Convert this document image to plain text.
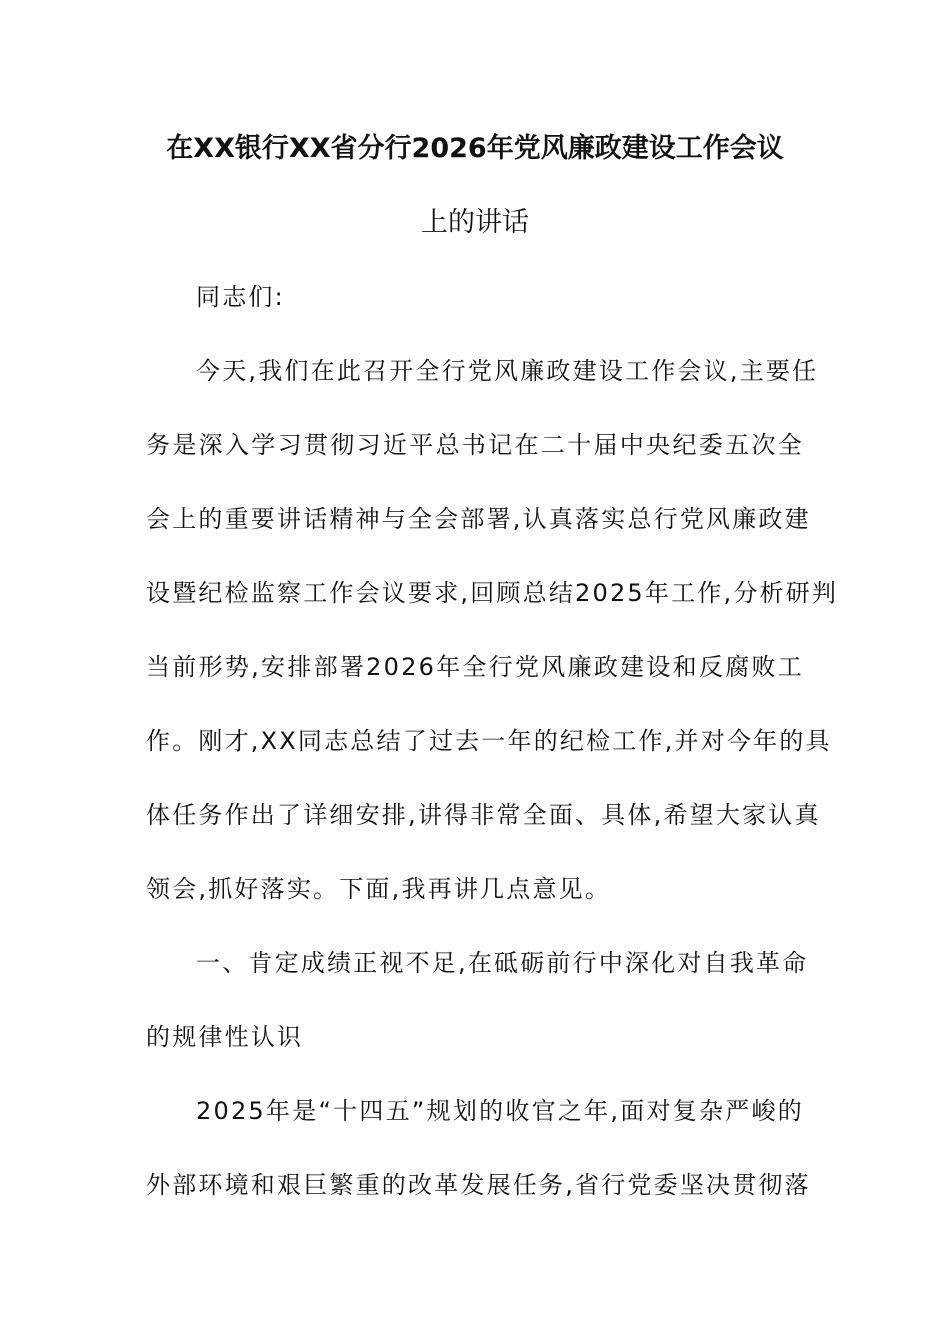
在XX银行XX省分行2026年党风廉政建设工作会议
上的讲话

同志们:

今天,我们在此召开全行党风廉政建设工作会议,主要任
务是深入学习贯彻习近平总书记在二十届中央纪委五次全
会上的重要讲话精神与全会部署,认真落实总行党风廉政建
设暨纪检监察工作会议要求,回顾总结2025年工作,分析研判
当前形势,安排部署2026年全行党风廉政建设和反腐败工
作。刚才,XX同志总结了过去一年的纪检工作,并对今年的具
体任务作出了详细安排,讲得非常全面、具体,希望大家认真
领会,抓好落实。下面,我再讲几点意见。

一、肯定成绩正视不足,在砥砺前行中深化对自我革命
的规律性认识

2025年是“十四五”规划的收官之年,面对复杂严峻的
外部环境和艰巨繁重的改革发展任务,省行党委坚决贯彻落
